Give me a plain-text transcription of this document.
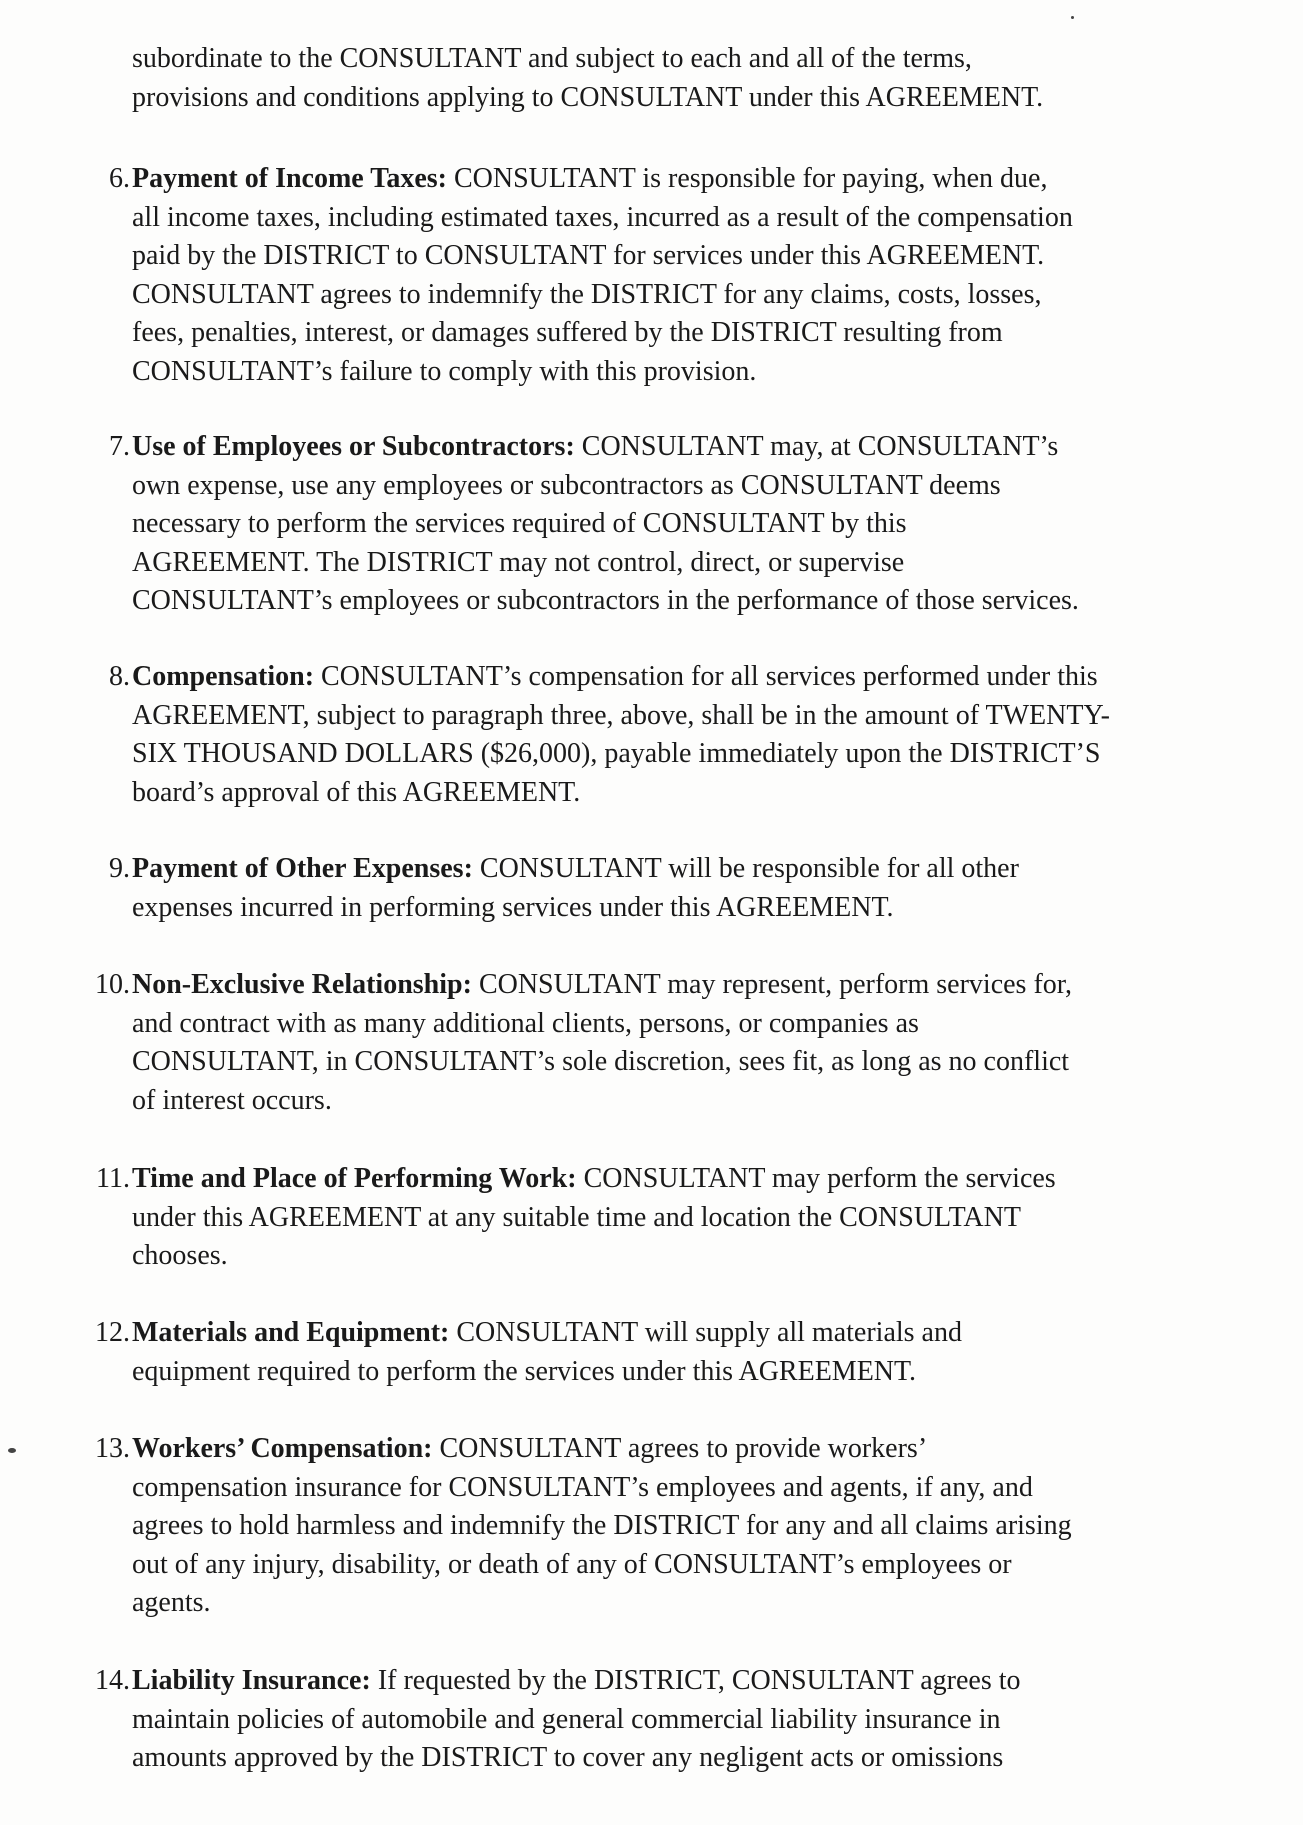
subordinate to the CONSULTANT and subject to each and all of the terms,
provisions and conditions applying to CONSULTANT under this AGREEMENT.

6. Payment of Income Taxes: CONSULTANT is responsible for paying, when due,
all income taxes, including estimated taxes, incurred as a result of the compensation
paid by the DISTRICT to CONSULTANT for services under this AGREEMENT.
CONSULTANT agrees to indemnify the DISTRICT for any claims, costs, losses,
fees, penalties, interest, or damages suffered by the DISTRICT resulting from
CONSULTANT’s failure to comply with this provision.
7. Use of Employees or Subcontractors: CONSULTANT may, at CONSULTANT’s
own expense, use any employees or subcontractors as CONSULTANT deems
necessary to perform the services required of CONSULTANT by this
AGREEMENT. The DISTRICT may not control, direct, or supervise
CONSULTANT’s employees or subcontractors in the performance of those services.
8. Compensation: CONSULTANT’s compensation for all services performed under this
AGREEMENT, subject to paragraph three, above, shall be in the amount of TWENTY-
SIX THOUSAND DOLLARS ($26,000), payable immediately upon the DISTRICT’S
board’s approval of this AGREEMENT.
9. Payment of Other Expenses: CONSULTANT will be responsible for all other
expenses incurred in performing services under this AGREEMENT.
10. Non-Exclusive Relationship: CONSULTANT may represent, perform services for,
and contract with as many additional clients, persons, or companies as
CONSULTANT, in CONSULTANT’s sole discretion, sees fit, as long as no conflict
of interest occurs.
11. Time and Place of Performing Work: CONSULTANT may perform the services
under this AGREEMENT at any suitable time and location the CONSULTANT
chooses.
12. Materials and Equipment: CONSULTANT will supply all materials and
equipment required to perform the services under this AGREEMENT.
13. Workers’ Compensation: CONSULTANT agrees to provide workers’
compensation insurance for CONSULTANT’s employees and agents, if any, and
agrees to hold harmless and indemnify the DISTRICT for any and all claims arising
out of any injury, disability, or death of any of CONSULTANT’s employees or
agents.
14. Liability Insurance: If requested by the DISTRICT, CONSULTANT agrees to
maintain policies of automobile and general commercial liability insurance in
amounts approved by the DISTRICT to cover any negligent acts or omissions
